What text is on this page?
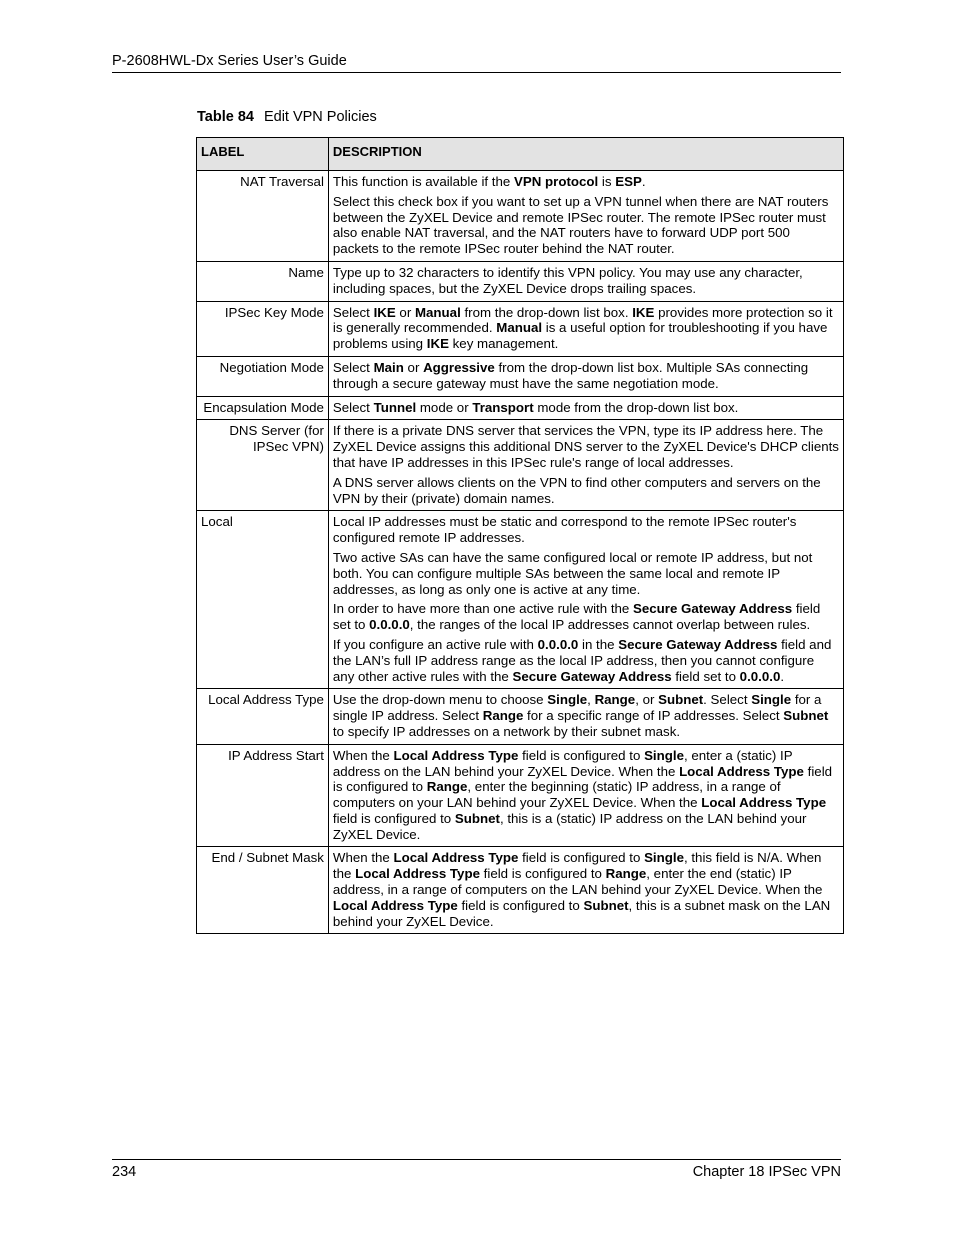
P-2608HWL-Dx Series User’s Guide
Table 84 Edit VPN Policies
LABEL	DESCRIPTION
NAT Traversal	This function is available if the VPN protocol is ESP.

Select this check box if you want to set up a VPN tunnel when there are NAT routers between the ZyXEL Device and remote IPSec router. The remote IPSec router must also enable NAT traversal, and the NAT routers have to forward UDP port 500 packets to the remote IPSec router behind the NAT router.

Name	Type up to 32 characters to identify this VPN policy. You may use any character, including spaces, but the ZyXEL Device drops trailing spaces.

IPSec Key Mode	Select IKE or Manual from the drop-down list box. IKE provides more protection so it is generally recommended. Manual is a useful option for troubleshooting if you have problems using IKE key management.

Negotiation Mode	Select Main or Aggressive from the drop-down list box. Multiple SAs connecting through a secure gateway must have the same negotiation mode.

Encapsulation Mode	Select Tunnel mode or Transport mode from the drop-down list box.

DNS Server (for IPSec VPN)	If there is a private DNS server that services the VPN, type its IP address here. The ZyXEL Device assigns this additional DNS server to the ZyXEL Device's DHCP clients that have IP addresses in this IPSec rule's range of local addresses.

A DNS server allows clients on the VPN to find other computers and servers on the VPN by their (private) domain names.

Local	Local IP addresses must be static and correspond to the remote IPSec router's configured remote IP addresses.

Two active SAs can have the same configured local or remote IP address, but not both. You can configure multiple SAs between the same local and remote IP addresses, as long as only one is active at any time.

In order to have more than one active rule with the Secure Gateway Address field set to 0.0.0.0, the ranges of the local IP addresses cannot overlap between rules.

If you configure an active rule with 0.0.0.0 in the Secure Gateway Address field and the LAN’s full IP address range as the local IP address, then you cannot configure any other active rules with the Secure Gateway Address field set to 0.0.0.0.

Local Address Type	Use the drop-down menu to choose Single, Range, or Subnet. Select Single for a single IP address. Select Range for a specific range of IP addresses. Select Subnet to specify IP addresses on a network by their subnet mask.

IP Address Start	When the Local Address Type field is configured to Single, enter a (static) IP address on the LAN behind your ZyXEL Device. When the Local Address Type field is configured to Range, enter the beginning (static) IP address, in a range of computers on your LAN behind your ZyXEL Device. When the Local Address Type field is configured to Subnet, this is a (static) IP address on the LAN behind your ZyXEL Device.

End / Subnet Mask	When the Local Address Type field is configured to Single, this field is N/A. When the Local Address Type field is configured to Range, enter the end (static) IP address, in a range of computers on the LAN behind your ZyXEL Device. When the Local Address Type field is configured to Subnet, this is a subnet mask on the LAN behind your ZyXEL Device.

234	Chapter 18 IPSec VPN
